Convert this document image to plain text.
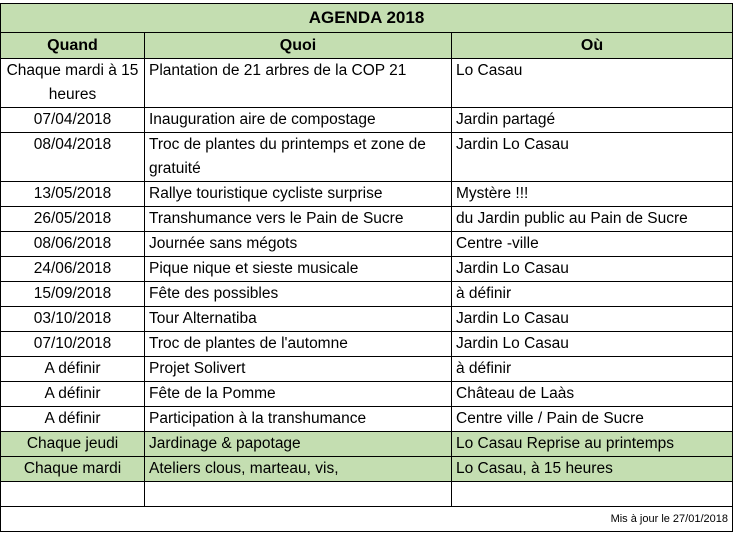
AGENDA 2018		
Quand	Quoi	Où
Chaque mardi à 15 heures	Plantation de 21 arbres de la COP 21	Lo Casau
07/04/2018	Inauguration aire de compostage	Jardin partagé
08/04/2018	Troc de plantes du printemps et zone de gratuité	Jardin Lo Casau
13/05/2018	Rallye touristique cycliste surprise	Mystère !!!
26/05/2018	Transhumance vers le Pain de Sucre	du Jardin public au Pain de Sucre
08/06/2018	Journée sans mégots	Centre -ville
24/06/2018	Pique nique et sieste musicale	Jardin Lo Casau
15/09/2018	Fête des possibles	à définir
03/10/2018	Tour Alternatiba	Jardin Lo Casau
07/10/2018	Troc de plantes de l'automne	Jardin Lo Casau
A définir	Projet Solivert	à définir
A définir	Fête de la Pomme	Château de Laàs
A définir	Participation à la transhumance	Centre ville / Pain de Sucre
Chaque jeudi	Jardinage & papotage	Lo Casau Reprise au printemps
Chaque mardi	Ateliers clous, marteau, vis,	Lo Casau, à 15 heures

Mis à jour le 27/01/2018		
